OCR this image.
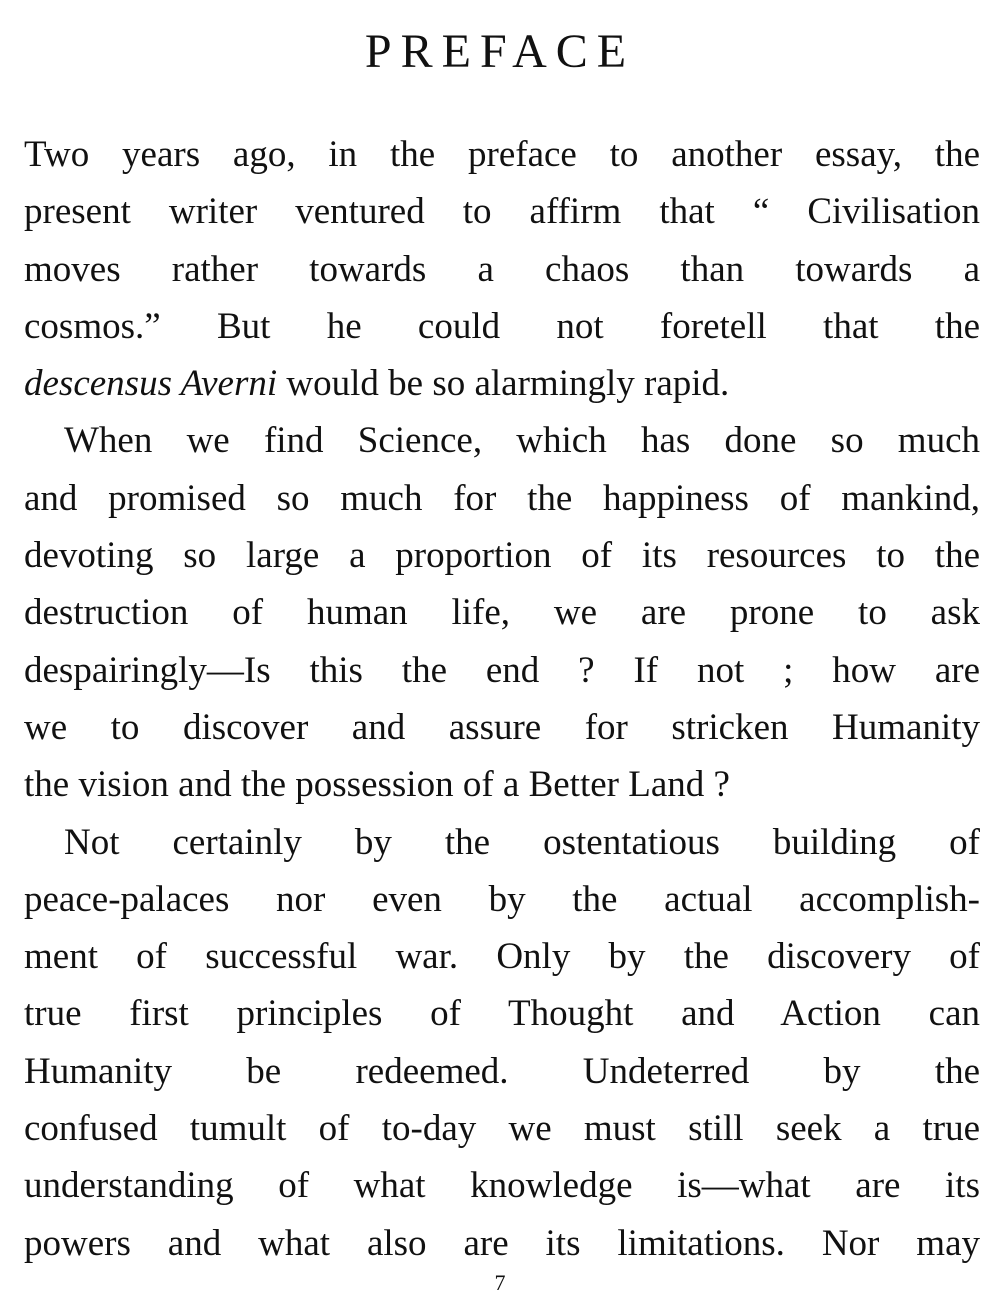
PREFACE
Two years ago, in the preface to another essay, the
present writer ventured to affirm that “ Civilisation
moves rather towards a chaos than towards a
cosmos.” But he could not foretell that the
descensus Averni would be so alarmingly rapid.
When we find Science, which has done so much
and promised so much for the happiness of mankind,
devoting so large a proportion of its resources to the
destruction of human life, we are prone to ask
despairingly—Is this the end ? If not ; how are
we to discover and assure for stricken Humanity
the vision and the possession of a Better Land ?
Not certainly by the ostentatious building of
peace-palaces nor even by the actual accomplish-
ment of successful war. Only by the discovery of
true first principles of Thought and Action can
Humanity be redeemed. Undeterred by the
confused tumult of to-day we must still seek a true
understanding of what knowledge is—what are its
powers and what also are its limitations. Nor may
7
